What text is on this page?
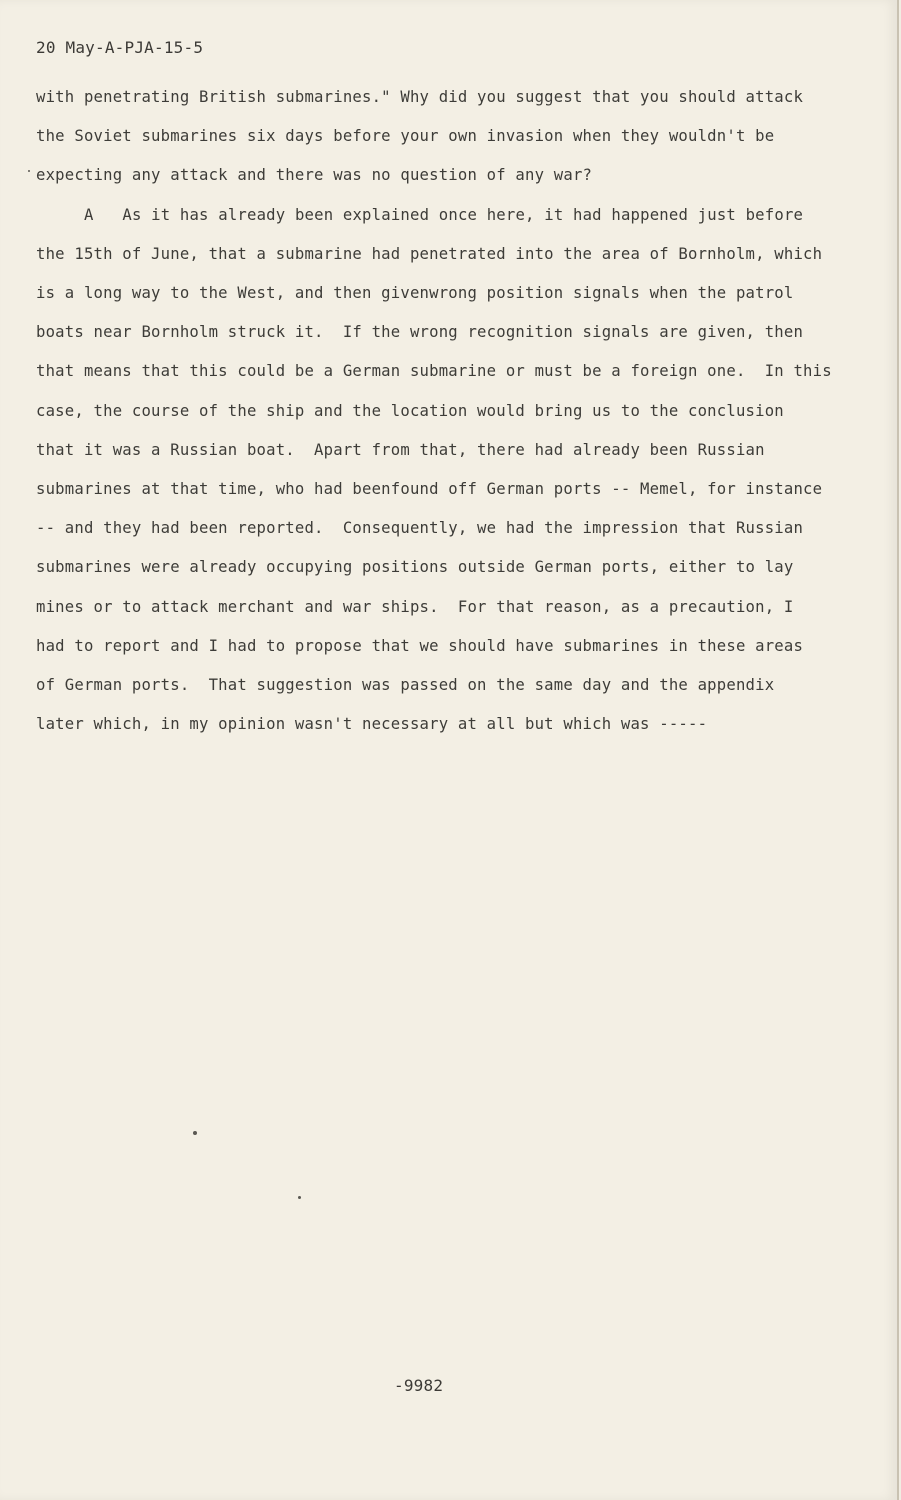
20 May-A-PJA-15-5
with penetrating British submarines." Why did you suggest that you should attack
the Soviet submarines six days before your own invasion when they wouldn't be
expecting any attack and there was no question of any war?
A   As it has already been explained once here, it had happened just before
the 15th of June, that a submarine had penetrated into the area of Bornholm, which
is a long way to the West, and then givenwrong position signals when the patrol
boats near Bornholm struck it.  If the wrong recognition signals are given, then
that means that this could be a German submarine or must be a foreign one.  In this
case, the course of the ship and the location would bring us to the conclusion
that it was a Russian boat.  Apart from that, there had already been Russian
submarines at that time, who had beenfound off German ports -- Memel, for instance
-- and they had been reported.  Consequently, we had the impression that Russian
submarines were already occupying positions outside German ports, either to lay
mines or to attack merchant and war ships.  For that reason, as a precaution, I
had to report and I had to propose that we should have submarines in these areas
of German ports.  That suggestion was passed on the same day and the appendix
later which, in my opinion wasn't necessary at all but which was -----
-9982
